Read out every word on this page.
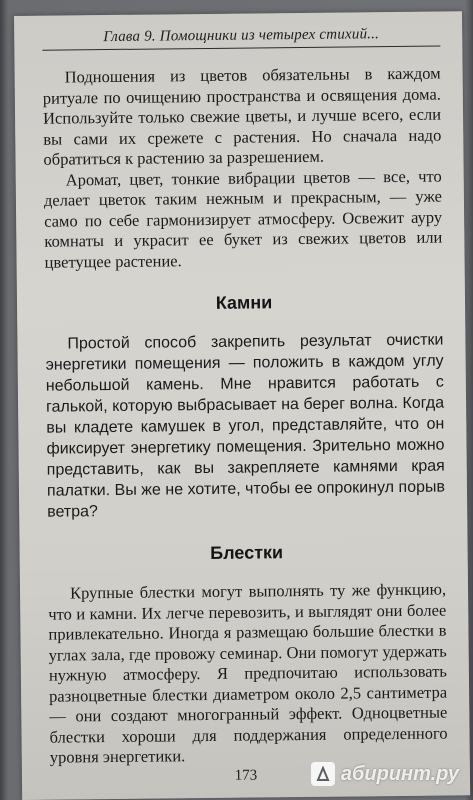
Глава 9. Помощники из четырех стихий...

Подношения из цветов обязательны в каждом ритуале по очищению пространства и освящения дома. Используйте только свежие цветы, и лучше всего, если вы сами их срежете с растения. Но сначала надо обратиться к растению за разрешением.

Аромат, цвет, тонкие вибрации цветов — все, что делает цветок таким нежным и прекрасным, — уже само по себе гармонизирует атмосферу. Освежит ауру комнаты и украсит ее букет из свежих цветов или цветущее растение.

Камни

Простой способ закрепить результат очистки энергетики помещения — положить в каждом углу небольшой камень. Мне нравится работать с галькой, которую выбрасывает на берег волна. Когда вы кладете камушек в угол, представляйте, что он фиксирует энергетику помещения. Зрительно можно представить, как вы закрепляете камнями края палатки. Вы же не хотите, чтобы ее опрокинул порыв ветра?

Блестки

Крупные блестки могут выполнять ту же функцию, что и камни. Их легче перевозить, и выглядят они более привлекательно. Иногда я размещаю большие блестки в углах зала, где провожу семинар. Они помогут удержать нужную атмосферу. Я предпочитаю использовать разноцветные блестки диаметром около 2,5 сантиметра — они создают многогранный эффект. Одноцветные блестки хороши для поддержания определенного уровня энергетики.

173	абиринт.ру
